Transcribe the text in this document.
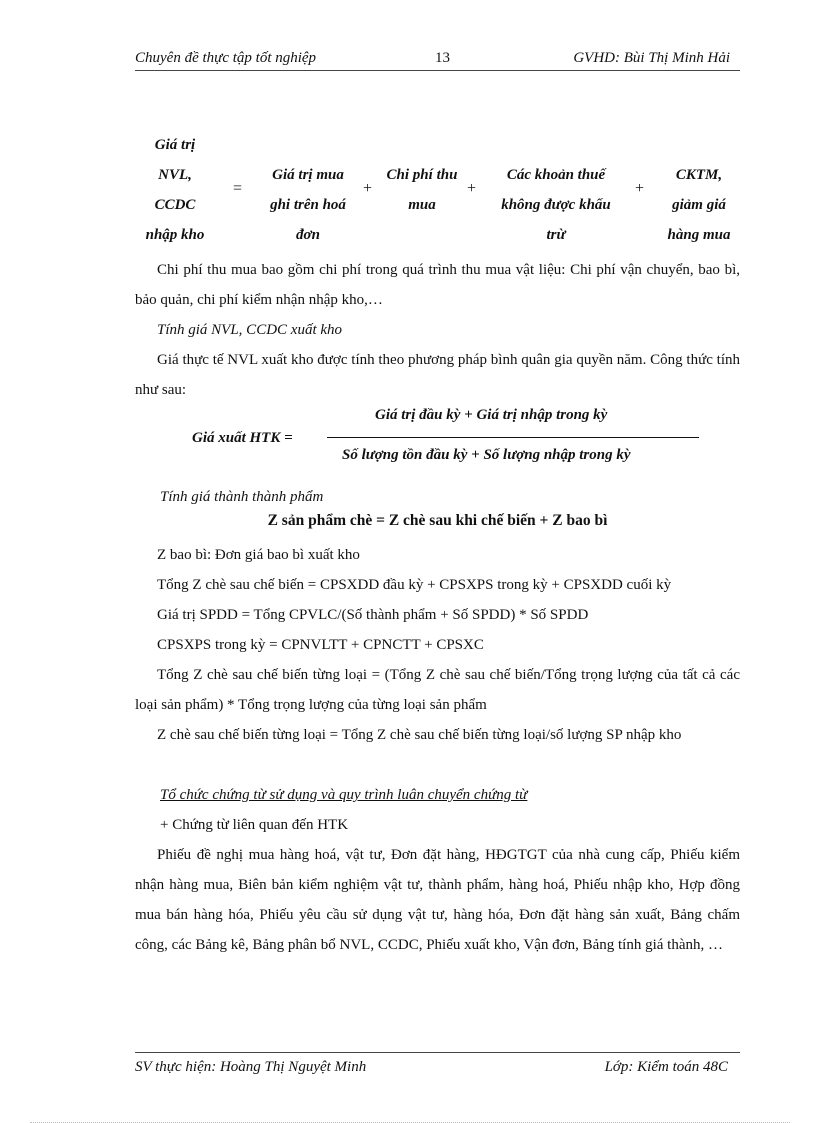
Chuyên đề thực tập tốt nghiệp	13	GVHD: Bùi Thị Minh Hải
Giá trị
NVL,
CCDC
nhập kho
=
Giá trị mua
ghi trên hoá
đơn
+
Chi phí thu
mua
+
Các khoản thuế
không được khấu
trừ
+
CKTM,
giảm giá
hàng mua
Chi phí thu mua bao gồm chi phí trong quá trình thu mua vật liệu: Chi phí vận chuyển, bao bì, bảo quản, chi phí kiểm nhận nhập kho,…
Tính giá NVL, CCDC xuất kho
Giá thực tế NVL xuất kho được tính theo phương pháp bình quân gia quyền năm. Công thức tính như sau:
Giá xuất HTK =
Giá trị đầu kỳ + Giá trị nhập trong kỳ
Số lượng tồn đầu kỳ + Số lượng nhập trong kỳ
Tính giá thành thành phẩm
Z sản phẩm chè = Z chè sau khi chế biến + Z bao bì
Z bao bì: Đơn giá bao bì xuất kho
Tổng Z chè sau chế biến = CPSXDD đầu kỳ + CPSXPS trong kỳ + CPSXDD cuối kỳ
Giá trị SPDD = Tổng CPVLC/(Số thành phẩm + Số SPDD) * Số SPDD
CPSXPS trong kỳ = CPNVLTT + CPNCTT + CPSXC
Tổng Z chè sau chế biến từng loại = (Tổng Z chè sau chế biến/Tổng trọng lượng của tất cả các loại sản phẩm) * Tổng trọng lượng của từng loại sản phẩm
Z chè sau chế biến từng loại = Tổng Z chè sau chế biến từng loại/số lượng SP nhập kho
Tổ chức chứng từ sử dụng và quy trình luân chuyển chứng từ
+ Chứng từ liên quan đến HTK
Phiếu đề nghị mua hàng hoá, vật tư, Đơn đặt hàng, HĐGTGT của nhà cung cấp, Phiếu kiểm nhận hàng mua, Biên bản kiểm nghiệm vật tư, thành phẩm, hàng hoá, Phiếu nhập kho, Hợp đồng mua bán hàng hóa, Phiếu yêu cầu sử dụng vật tư, hàng hóa, Đơn đặt hàng sản xuất, Bảng chấm công, các Bảng kê, Bảng phân bổ NVL, CCDC, Phiếu xuất kho, Vận đơn, Bảng tính giá thành, …
SV thực hiện: Hoàng Thị Nguyệt Minh	Lớp: Kiểm toán 48C
